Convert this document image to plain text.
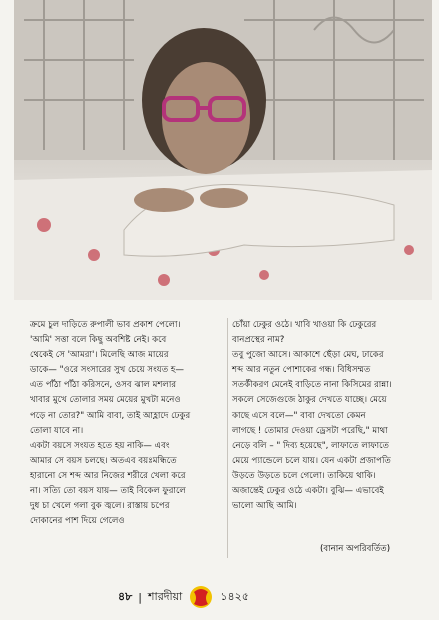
ক্রমে চুল দাড়িতে রুপালী ভাব প্রকাশ পেলো।

'আমি' সত্তা বলে কিছু অবশিষ্ট নেই। কবে

থেকেই সে 'আমরা'। মিলেছি আজ মায়ের

ডাকে— "ওরে সংসারের সুখ চেয়ে সংযত হ—

এত পাঁঠা পাঁঠা করিসনে, ওসব ঝাল মশলার

খাবার মুখে তোলার সময় মেয়ের মুখটা মনেও

পড়ে না তোর?" আমি বাবা, তাই আহ্লাদে ঢেকুর

তোলা যাবে না।

একটা বয়সে সংযত হতে হয় নাকি— এবং

আমার সে বয়স চলছে। অতএব বয়ঃমন্ধিতে

হারানো সে শব্দ আর নিজের শরীরে খেলা করে

না। সত্যি তো বয়স যায়— তাই বিকেল ফুরালে

দুধ চা খেলে গলা বুক জ্বলে। রাস্তায় চপের

দোকানের পাশ দিয়ে গেলেও

চোঁয়া ঢেকুর ওঠে। খাবি খাওয়া কি ঢেকুরের

বানপ্রস্থের নাম?

তবু পুজো আসে। আকাশে ছেঁড়া মেঘ, ঢাকের

শব্দ আর নতুন পোশাকের গন্ধ। বিধিসম্মত

সতর্কীকরণ মেনেই বাড়িতে নানা কিসিমের রান্না।

সকলে সেজেগুজে ঠাকুর দেখতে যাচ্ছে। মেয়ে

কাছে এসে বলে—" বাবা দেখতো কেমন

লাগছে ! তোমার দেওয়া ড্রেসটা পরেছি," মাথা

নেড়ে বলি – " দিব্য হয়েছে", লাফাতে লাফাতে

মেয়ে প্যান্ডেলে চলে যায়। যেন একটা প্রজাপতি

উড়তে উড়তে চলে গেলো। তাকিয়ে থাকি।

অজান্তেই ঢেকুর ওঠে একটা। বুঝি— এভাবেই

ভালো আছি আমি।

(বানান অপরিবর্তিত)
৪৮ | শারদীয়া	১৪২৫
